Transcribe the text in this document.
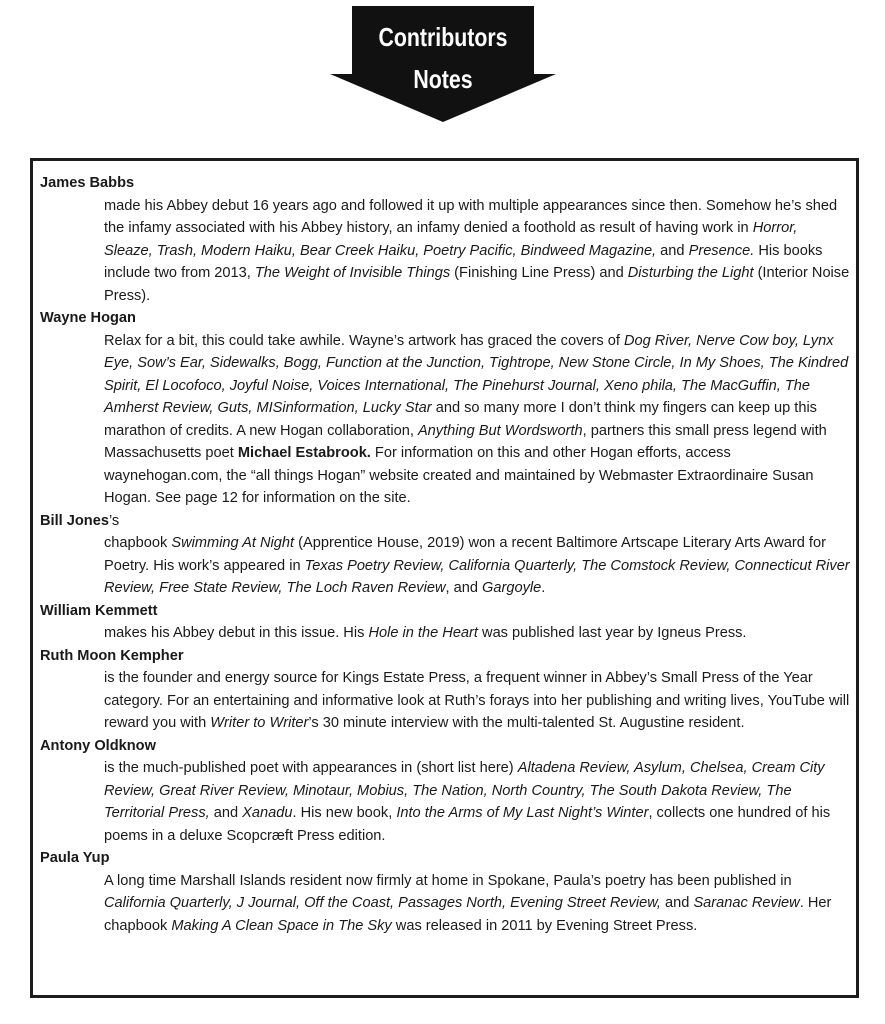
Contributors
Notes
James Babbs
made his Abbey debut 16 years ago and followed it up with multiple appearances since then. Somehow he’s shed the infamy associated with his Abbey history, an infamy denied a foothold as result of having work in Horror, Sleaze, Trash, Modern Haiku, Bear Creek Haiku, Poetry Pacific, Bindweed Magazine, and Presence. His books include two from 2013, The Weight of Invisible Things (Finishing Line Press) and Disturbing the Light (Interior Noise Press).
Wayne Hogan
Relax for a bit, this could take awhile. Wayne’s artwork has graced the covers of Dog River, Nerve Cow boy, Lynx Eye, Sow’s Ear, Sidewalks, Bogg, Function at the Junction, Tightrope, New Stone Circle, In My Shoes, The Kindred Spirit, El Locofoco, Joyful Noise, Voices International, The Pinehurst Journal, Xeno phila, The MacGuffin, The Amherst Review, Guts, MISinformation, Lucky Star and so many more I don’t think my fingers can keep up this marathon of credits. A new Hogan collaboration, Anything But Wordsworth, partners this small press legend with Massachusetts poet Michael Estabrook. For information on this and other Hogan efforts, access waynehogan.com, the “all things Hogan” website created and maintained by Webmaster Extraordinaire Susan Hogan. See page 12 for information on the site.
Bill Jones’s
chapbook Swimming At Night (Apprentice House, 2019) won a recent Baltimore Artscape Literary Arts Award for Poetry. His work’s appeared in Texas Poetry Review, California Quarterly, The Comstock Review, Connecticut River Review, Free State Review, The Loch Raven Review, and Gargoyle.
William Kemmett
makes his Abbey debut in this issue. His Hole in the Heart was published last year by Igneus Press.
Ruth Moon Kempher
is the founder and energy source for Kings Estate Press, a frequent winner in Abbey’s Small Press of the Year category. For an entertaining and informative look at Ruth’s forays into her publishing and writing lives, YouTube will reward you with Writer to Writer’s 30 minute interview with the multi-talented St. Augustine resident.
Antony Oldknow
is the much-published poet with appearances in (short list here) Altadena Review, Asylum, Chelsea, Cream City Review, Great River Review, Minotaur, Mobius, The Nation, North Country, The South Dakota Review, The Territorial Press, and Xanadu. His new book, Into the Arms of My Last Night’s Winter, collects one hundred of his poems in a deluxe Scopcræft Press edition.
Paula Yup
A long time Marshall Islands resident now firmly at home in Spokane, Paula’s poetry has been published in California Quarterly, J Journal, Off the Coast, Passages North, Evening Street Review, and Saranac Review. Her chapbook Making A Clean Space in The Sky was released in 2011 by Evening Street Press.
